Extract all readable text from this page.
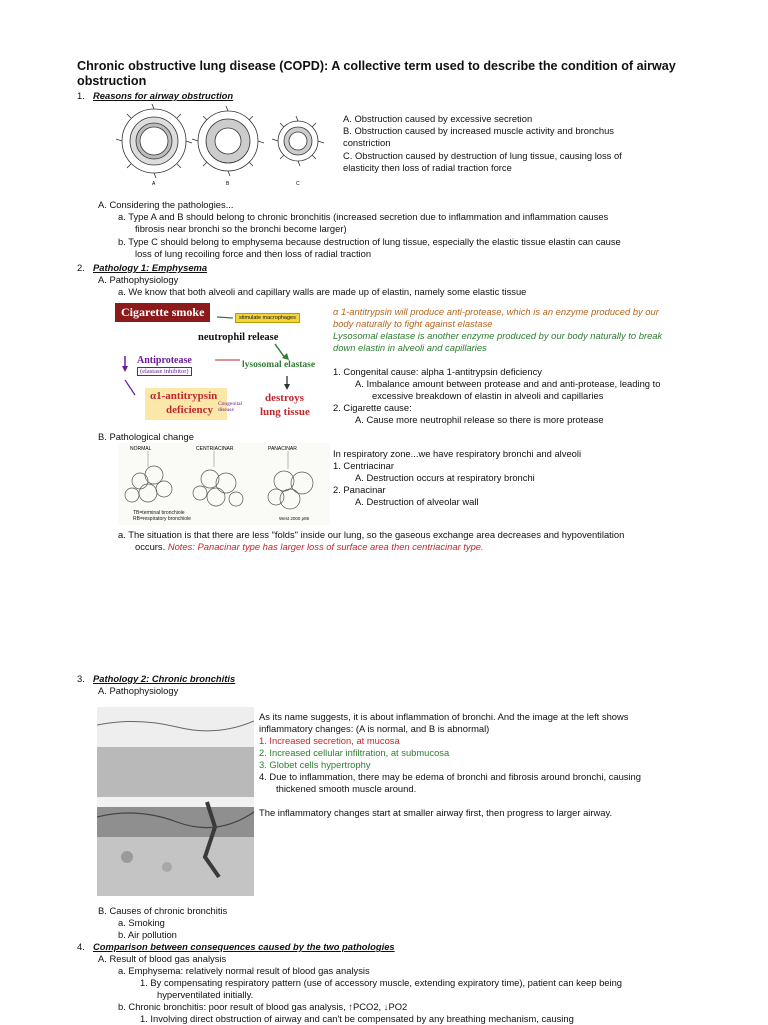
Chronic obstructive lung disease (COPD): A collective term used to describe the condition of airway
obstruction
1. Reasons for airway obstruction
A	B	C
A. Obstruction caused by excessive secretion
B. Obstruction caused by increased muscle activity and bronchus
constriction
C. Obstruction caused by destruction of lung tissue, causing loss of
elasticity then loss of radial traction force
A. Considering the pathologies...
a. Type A and B should belong to chronic bronchitis (increased secretion due to inflammation and inflammation causes
fibrosis near bronchi so the bronchi become larger)
b. Type C should belong to emphysema because destruction of lung tissue, especially the elastic tissue elastin can cause
loss of lung recoiling force and then loss of radial traction
2. Pathology 1: Emphysema
A. Pathophysiology
a. We know that both alveoli and capillary walls are made up of elastin, namely some elastic tissue
Cigarette smoke	stimulate macrophages
neutrophil release
Antiprotease
(elastase inhibitor)
lysosomal elastase
α1-antitrypsin
deficiency Congenital disease
destroys
lung tissue
α 1-antitrypsin will produce anti-protease, which is an enzyme produced by our
body naturally to fight against elastase
Lysosomal elastase is another enzyme produced by our body naturally to break
down elastin in alveoli and capillaries
1. Congenital cause: alpha 1-antitrypsin deficiency
A. Imbalance amount between protease and and anti-protease, leading to
excessive breakdown of elastin in alveoli and capillaries
2. Cigarette cause:
A. Cause more neutrophil release so there is more protease
B. Pathological change
NORMAL	CENTRIACINAR	PANACINAR
TB=terminal bronchiole
RB=respiratory bronchiole	West 2000 p86
In respiratory zone...we have respiratory bronchi and alveoli
1. Centriacinar
A. Destruction occurs at respiratory bronchi
2. Panacinar
A. Destruction of alveolar wall
a. The situation is that there are less "folds" inside our lung, so the gaseous exchange area decreases and hypoventilation
occurs. Notes: Panacinar type has larger loss of surface area then centriacinar type.
3. Pathology 2: Chronic bronchitis
A. Pathophysiology
As its name suggests, it is about inflammation of bronchi. And the image at the left shows
inflammatory changes: (A is normal, and B is abnormal)
1. Increased secretion, at mucosa
2. Increased cellular infiltration, at submucosa
3. Globet cells hypertrophy
4. Due to inflammation, there may be edema of bronchi and fibrosis around bronchi, causing
thickened smooth muscle around.
The inflammatory changes start at smaller airway first, then progress to larger airway.
B. Causes of chronic bronchitis
a. Smoking
b. Air pollution
4. Comparison between consequences caused by the two pathologies
A. Result of blood gas analysis
a. Emphysema: relatively normal result of blood gas analysis
1. By compensating respiratory pattern (use of accessory muscle, extending expiratory time), patient can keep being
hyperventilated initially.
b. Chronic bronchitis: poor result of blood gas analysis, ↑PCO2, ↓PO2
1. Involving direct obstruction of airway and can't be compensated by any breathing mechanism, causing
